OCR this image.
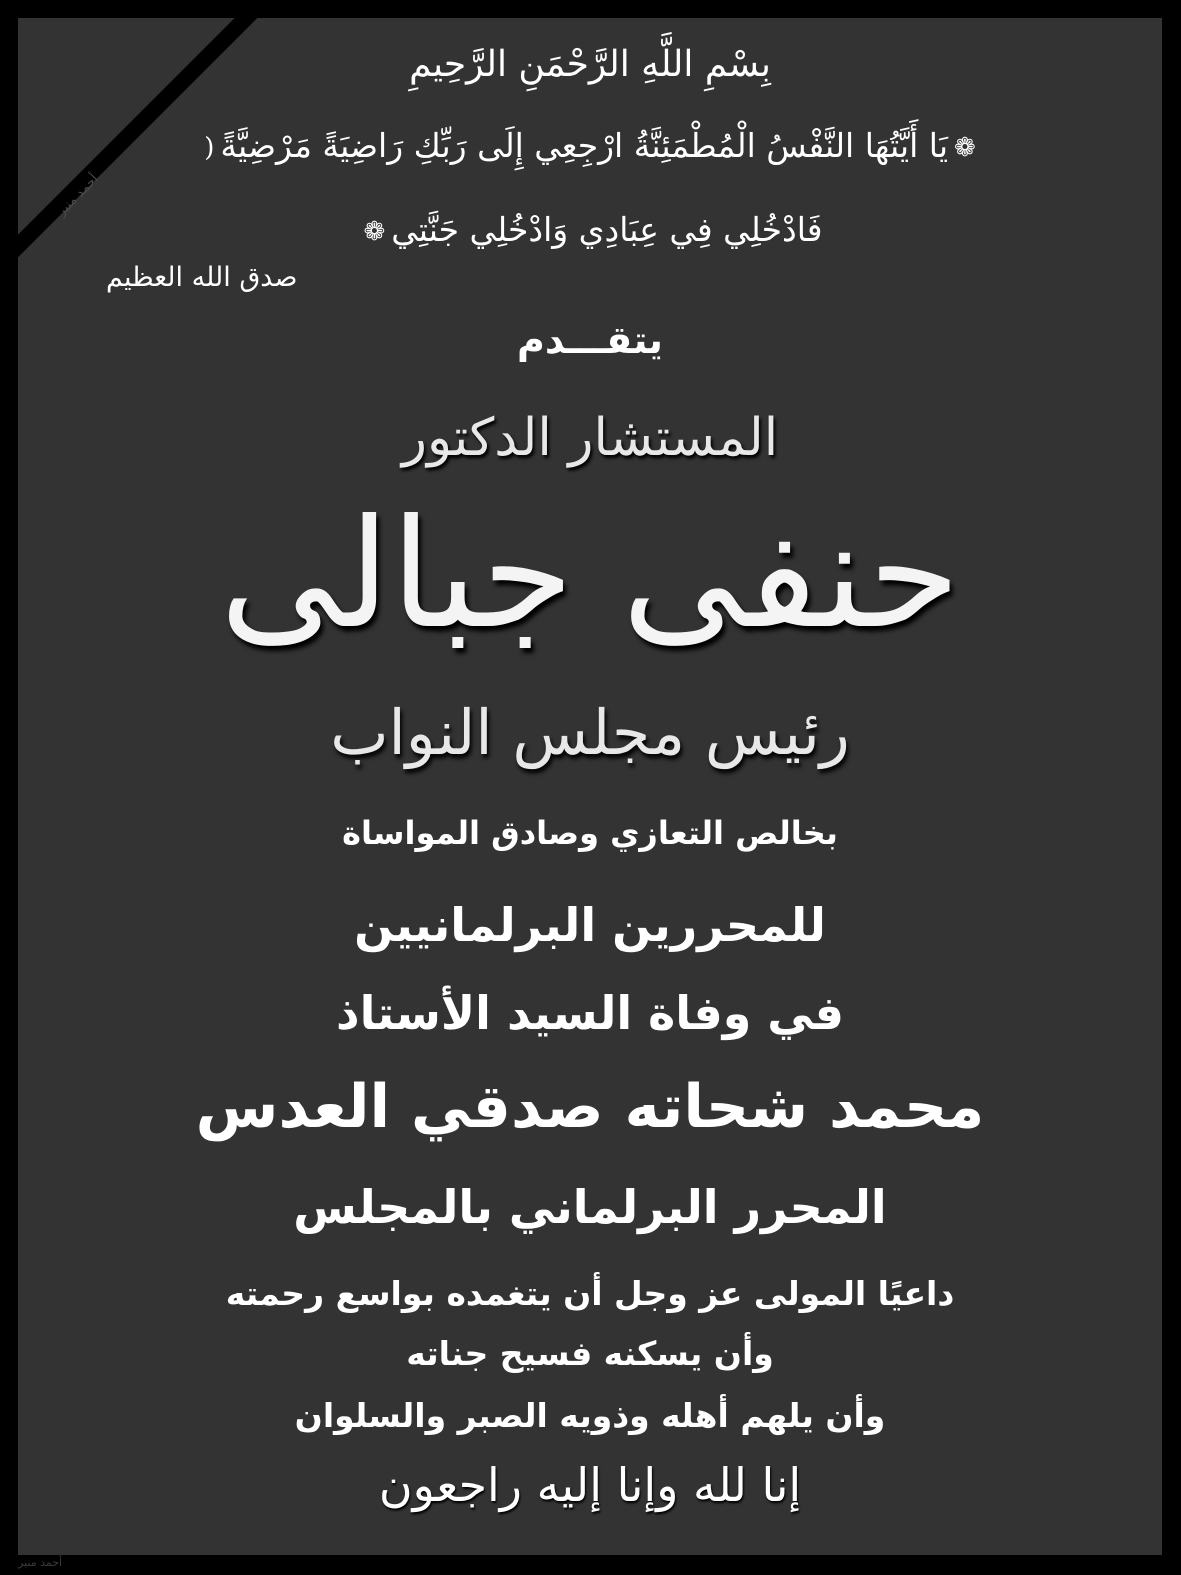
أحمد منير
بِسْمِ اللَّهِ الرَّحْمَنِ الرَّحِيمِ
❁يَا أَيَّتُهَا النَّفْسُ الْمُطْمَئِنَّةُ ارْجِعِي إِلَى رَبِّكِ رَاضِيَةً مَرْضِيَّةً(
فَادْخُلِي فِي عِبَادِي وَادْخُلِي جَنَّتِي❁
صدق الله العظيم
يتقـــدم
المستشار الدكتور
حنفى جبالى
رئيس مجلس النواب
بخالص التعازي وصادق المواساة
للمحررين البرلمانيين
في وفاة السيد الأستاذ
محمد شحاته صدقي العدس
المحرر البرلماني بالمجلس
داعيًا المولى عز وجل أن يتغمده بواسع رحمته
وأن يسكنه فسيح جناته
وأن يلهم أهله وذويه الصبر والسلوان
إنا لله وإنا إليه راجعون
أحمد منير
